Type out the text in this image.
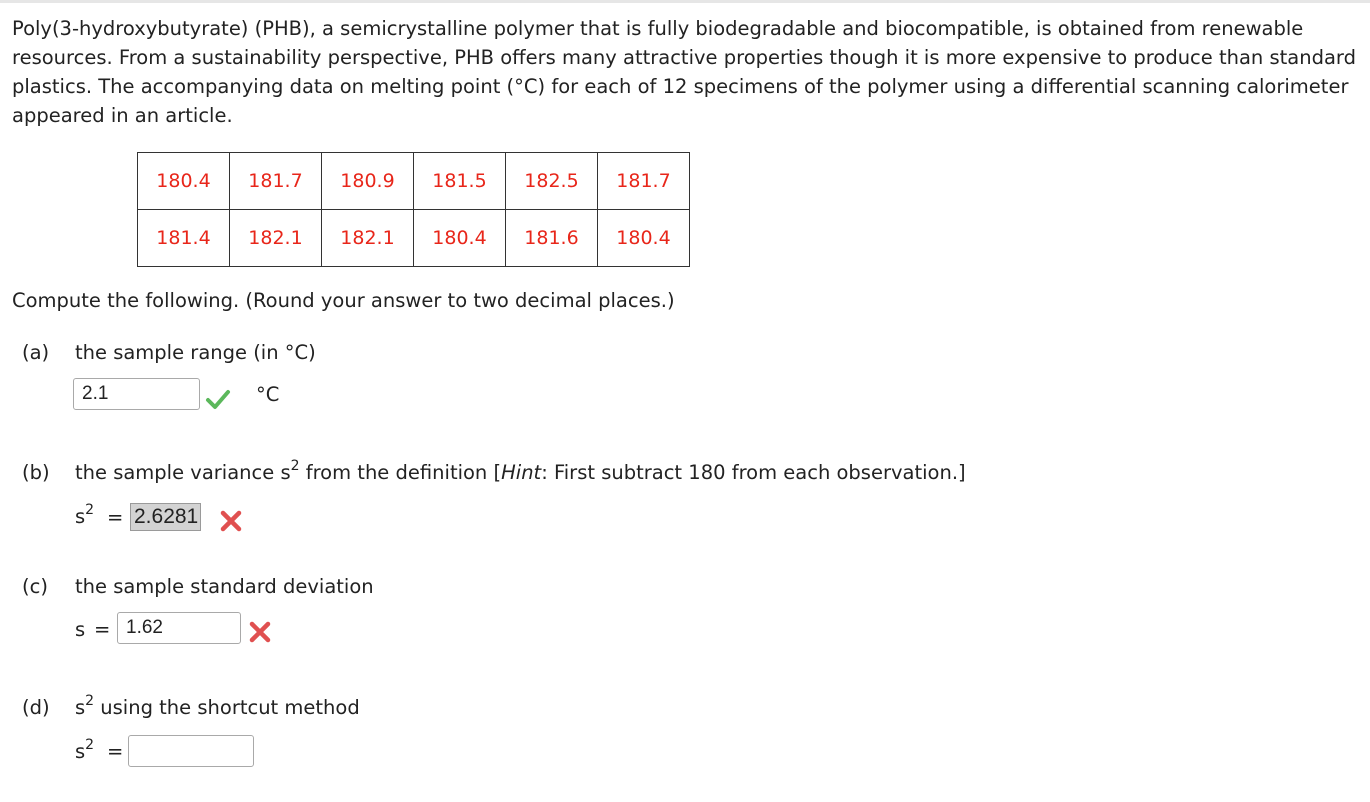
Poly(3-hydroxybutyrate) (PHB), a semicrystalline polymer that is fully biodegradable and biocompatible, is obtained from renewable resources. From a sustainability perspective, PHB offers many attractive properties though it is more expensive to produce than standard plastics. The accompanying data on melting point (°C) for each of 12 specimens of the polymer using a differential scanning calorimeter appeared in an article.

180.4	181.7	180.9	181.5	182.5	181.7
181.4	182.1	182.1	180.4	181.6	180.4

Compute the following. (Round your answer to two decimal places.)

(a) the sample range (in °C)
2.1
°C
(b) the sample variance $s^2$ from the definition [Hint: First subtract 180 from each observation.]
$s^2 = 2.6281$
(c) the sample standard deviation
s =
1.62
(d) $s^2$ using the shortcut method
$s^2$ =
